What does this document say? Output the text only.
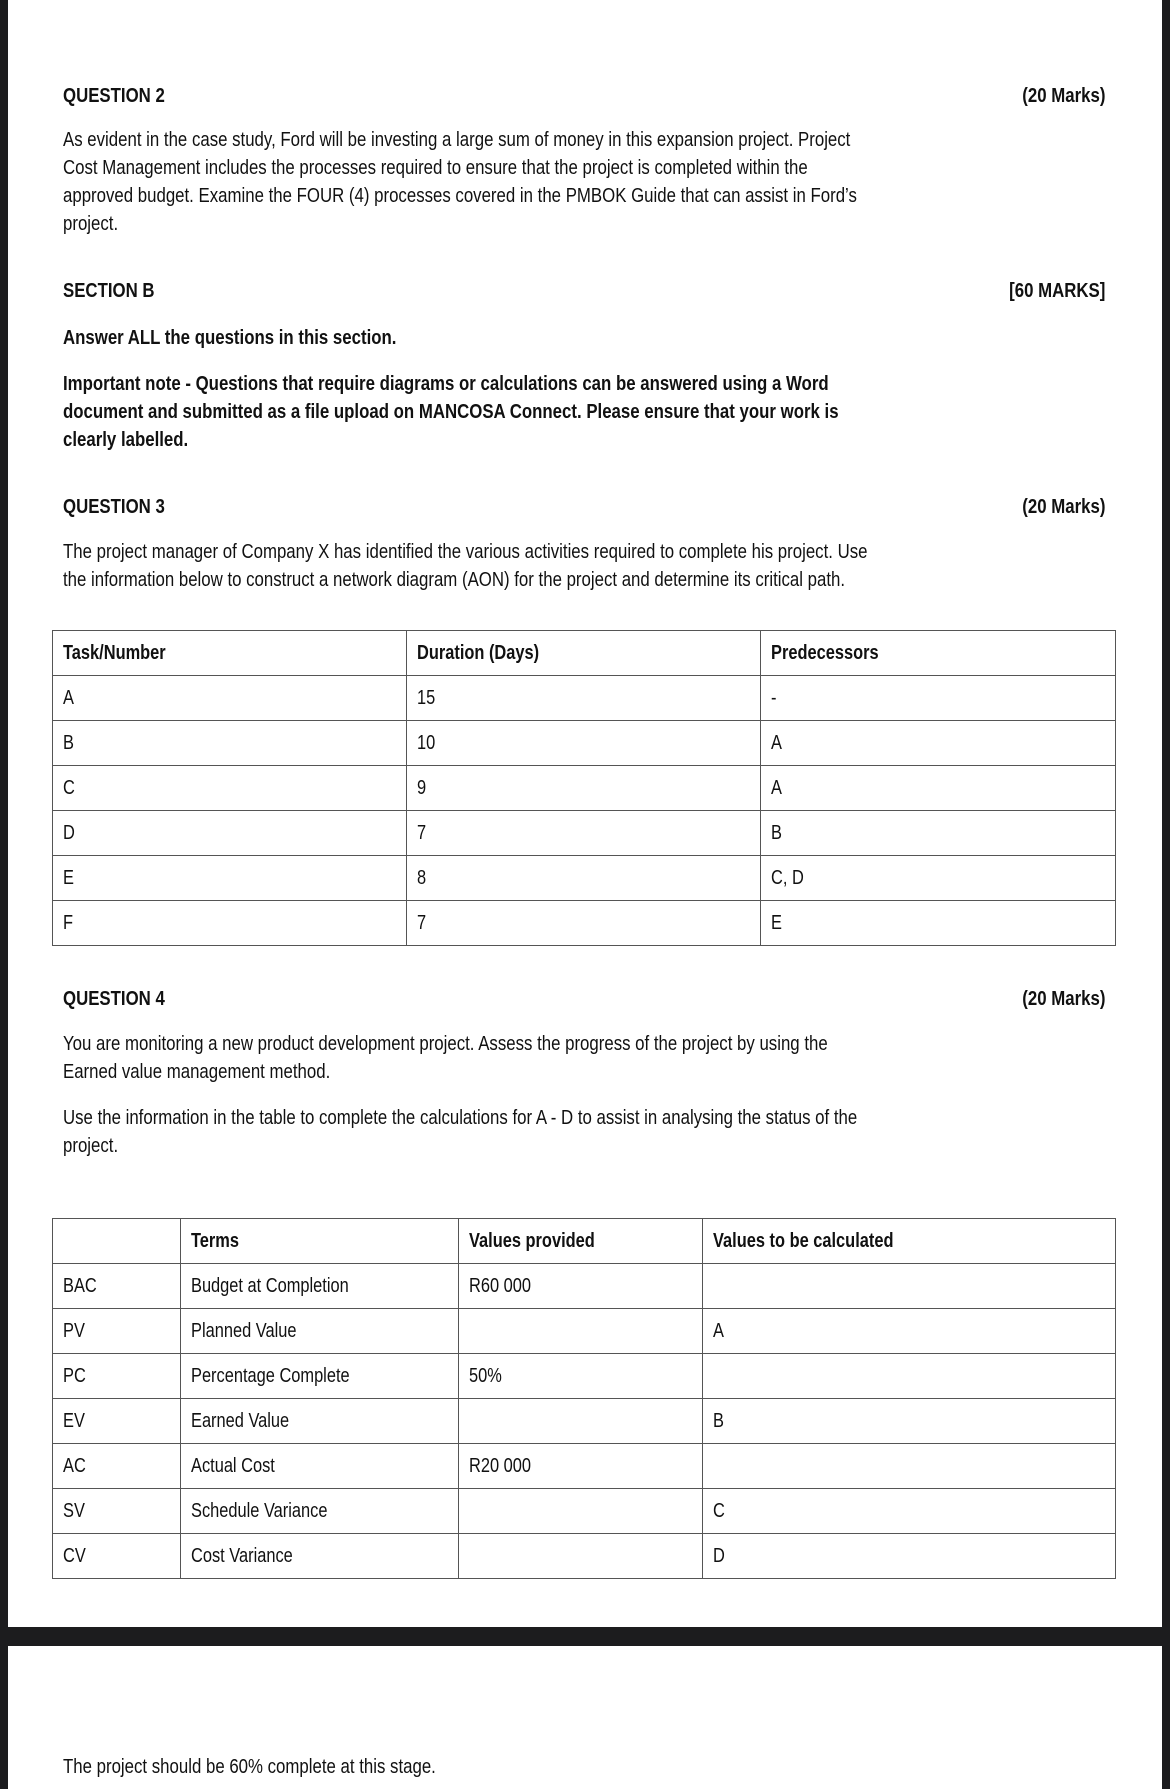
QUESTION 2	(20 Marks)
As evident in the case study, Ford will be investing a large sum of money in this expansion project. Project
Cost Management includes the processes required to ensure that the project is completed within the
approved budget. Examine the FOUR (4) processes covered in the PMBOK Guide that can assist in Ford’s
project.
SECTION B	[60 MARKS]
Answer ALL the questions in this section.
Important note - Questions that require diagrams or calculations can be answered using a Word
document and submitted as a file upload on MANCOSA Connect. Please ensure that your work is
clearly labelled.
QUESTION 3	(20 Marks)
The project manager of Company X has identified the various activities required to complete his project. Use
the information below to construct a network diagram (AON) for the project and determine its critical path.
Task/Number	Duration (Days)	Predecessors
A	15	-
B	10	A
C	9	A
D	7	B
E	8	C, D
F	7	E
QUESTION 4	(20 Marks)
You are monitoring a new product development project. Assess the progress of the project by using the
Earned value management method.
Use the information in the table to complete the calculations for A - D to assist in analysing the status of the
project.
	Terms	Values provided	Values to be calculated
BAC	Budget at Completion	R60 000	
PV	Planned Value		A
PC	Percentage Complete	50%	
EV	Earned Value		B
AC	Actual Cost	R20 000	
SV	Schedule Variance		C
CV	Cost Variance		D
The project should be 60% complete at this stage.
